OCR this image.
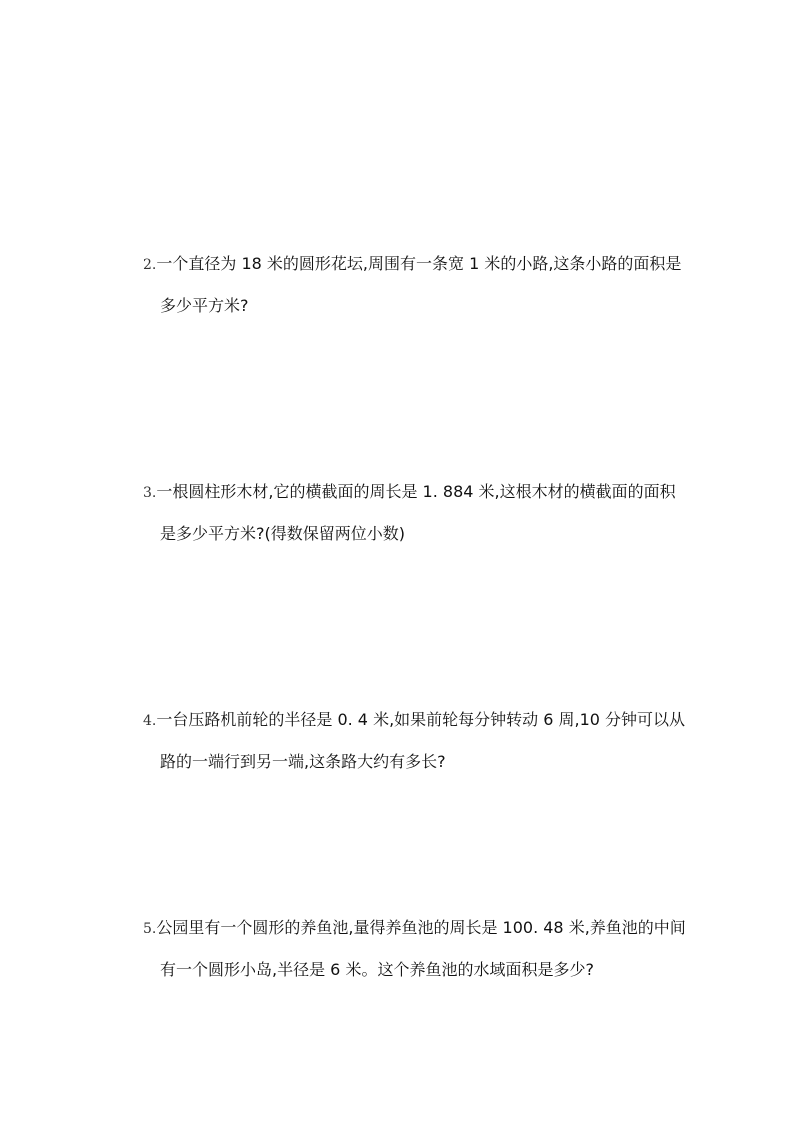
2.一个直径为 18 米的圆形花坛,周围有一条宽 1 米的小路,这条小路的面积是
多少平方米?
3.一根圆柱形木材,它的横截面的周长是 1. 884 米,这根木材的横截面的面积
是多少平方米?(得数保留两位小数)
4.一台压路机前轮的半径是 0. 4 米,如果前轮每分钟转动 6 周,10 分钟可以从
路的一端行到另一端,这条路大约有多长?
5.公园里有一个圆形的养鱼池,量得养鱼池的周长是 100. 48 米,养鱼池的中间
有一个圆形小岛,半径是 6 米。这个养鱼池的水域面积是多少?
